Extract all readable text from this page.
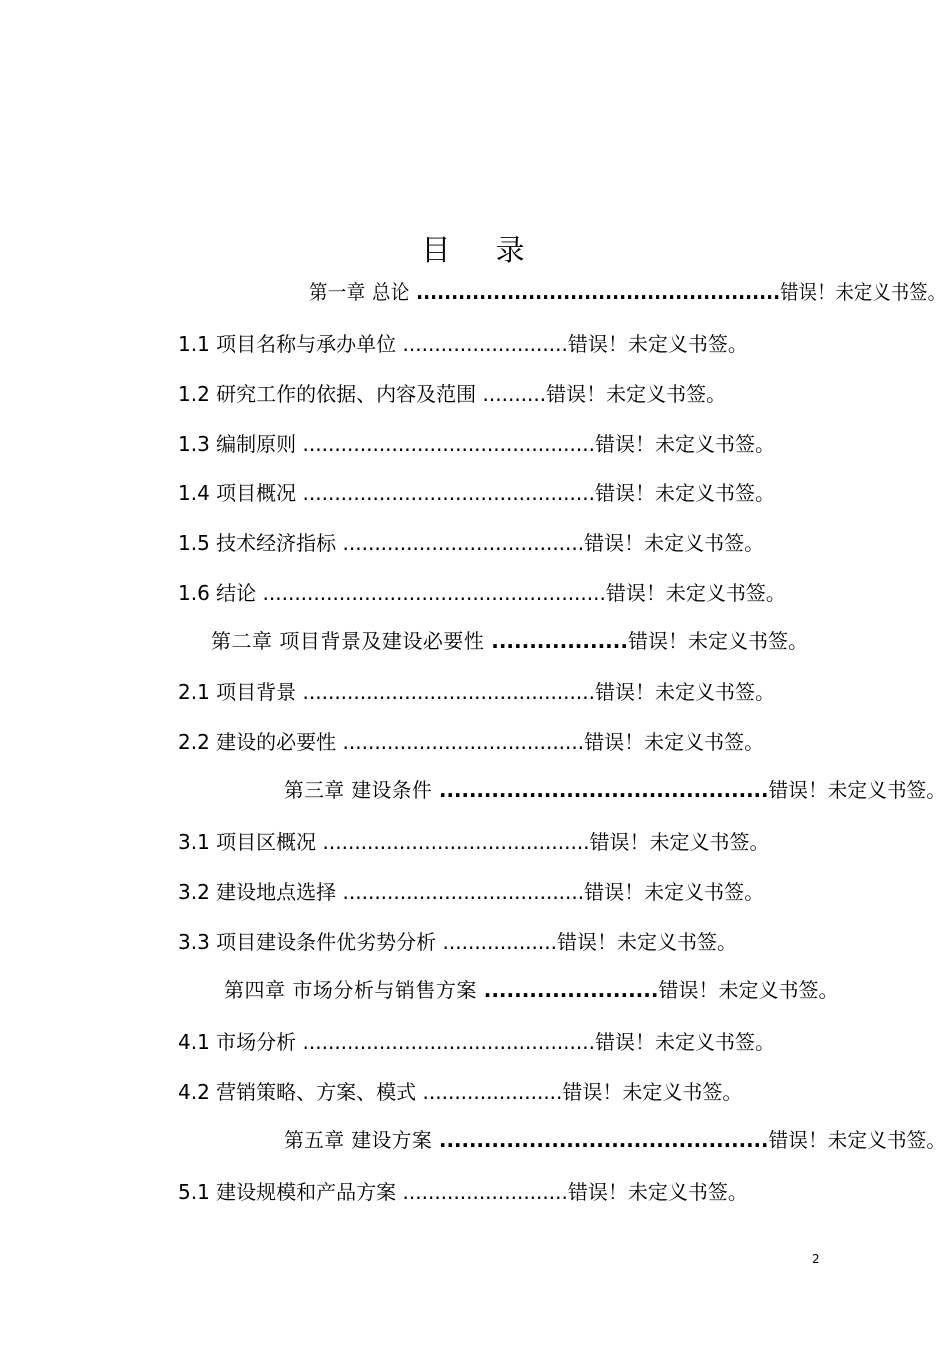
目 录
第一章 总论 ....................................................错误！未定义书签。
1.1 项目名称与承办单位 ..........................错误！未定义书签。
1.2 研究工作的依据、内容及范围 ..........错误！未定义书签。
1.3 编制原则 ..............................................错误！未定义书签。
1.4 项目概况 ..............................................错误！未定义书签。
1.5 技术经济指标 ......................................错误！未定义书签。
1.6 结论 ......................................................错误！未定义书签。
第二章 项目背景及建设必要性 ..................错误！未定义书签。
2.1 项目背景 ..............................................错误！未定义书签。
2.2 建设的必要性 ......................................错误！未定义书签。
第三章 建设条件 ............................................错误！未定义书签。
3.1 项目区概况 ..........................................错误！未定义书签。
3.2 建设地点选择 ......................................错误！未定义书签。
3.3 项目建设条件优劣势分析 ..................错误！未定义书签。
第四章 市场分析与销售方案 .......................错误！未定义书签。
4.1 市场分析 ..............................................错误！未定义书签。
4.2 营销策略、方案、模式 ......................错误！未定义书签。
第五章 建设方案 ............................................错误！未定义书签。
5.1 建设规模和产品方案 ..........................错误！未定义书签。
2
